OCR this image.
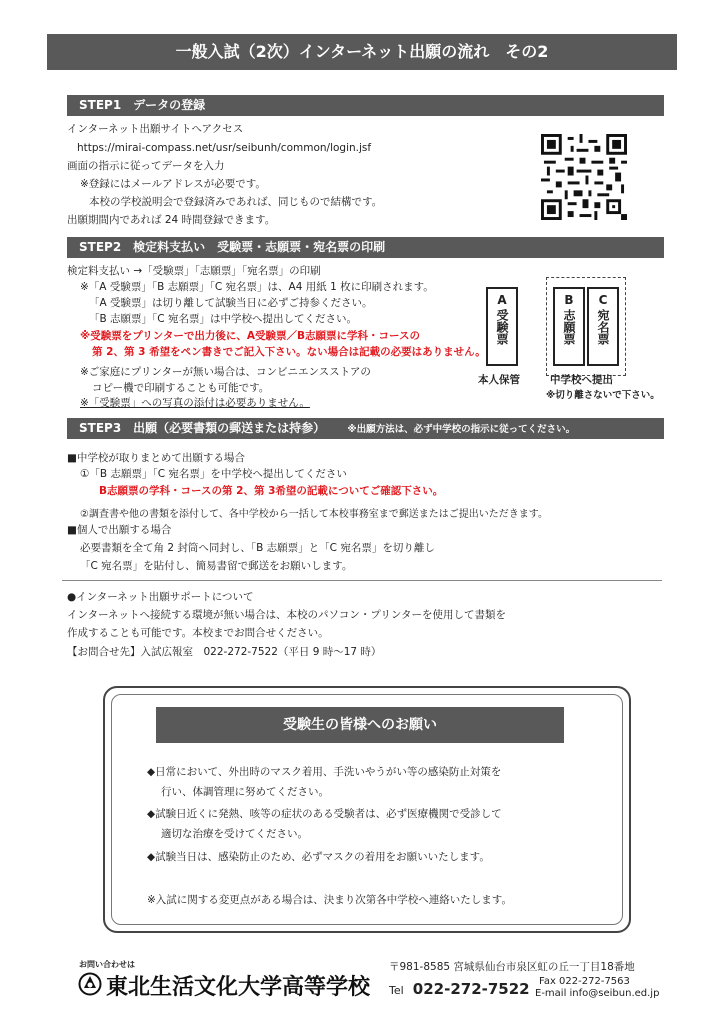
一般入試（2次）インターネット出願の流れ　その2
STEP1　データの登録
インターネット出願サイトへアクセス
https://mirai-compass.net/usr/seibunh/common/login.jsf
画面の指示に従ってデータを入力
※登録にはメールアドレスが必要です。
本校の学校説明会で登録済みであれば、同じもので結構です。
出願期間内であれば 24 時間登録できます。
STEP2　検定料支払い　受験票・志願票・宛名票の印刷
検定料支払い →「受験票」「志願票」「宛名票」の印刷
※「A 受験票」「B 志願票」「C 宛名票」は、A4 用紙 1 枚に印刷されます。
「A 受験票」は切り離して試験当日に必ずご持参ください。
「B 志願票」「C 宛名票」は中学校へ提出してください。
※受験票をプリンターで出力後に、A受験票／B志願票に学科・コースの
第 2、第 3 希望をペン書きでご記入下さい。ない場合は記載の必要はありません。
※ご家庭にプリンターが無い場合は、コンビニエンスストアの
コピー機で印刷することも可能です。
※「受験票」への写真の添付は必要ありません。
A
受験票
本人保管
B
志願票
C
宛名票
中学校へ提出
※切り離さないで下さい。
STEP3　出願（必要書類の郵送または持参） ※出願方法は、必ず中学校の指示に従ってください。
■中学校が取りまとめて出願する場合
①「B 志願票」「C 宛名票」を中学校へ提出してください
B志願票の学科・コースの第 2、第 3希望の記載についてご確認下さい。
②調査書や他の書類を添付して、各中学校から一括して本校事務室まで郵送またはご提出いただきます。
■個人で出願する場合
必要書類を全て角 2 封筒へ同封し、「B 志願票」と「C 宛名票」を切り離し
「C 宛名票」を貼付し、簡易書留で郵送をお願いします。
●インターネット出願サポートについて
インターネットへ接続する環境が無い場合は、本校のパソコン・プリンターを使用して書類を
作成することも可能です。本校までお問合せください。
【お問合せ先】入試広報室　022-272-7522（平日 9 時〜17 時）
受験生の皆様へのお願い
◆日常において、外出時のマスク着用、手洗いやうがい等の感染防止対策を
行い、体調管理に努めてください。
◆試験日近くに発熱、咳等の症状のある受験者は、必ず医療機関で受診して
適切な治療を受けてください。
◆試験当日は、感染防止のため、必ずマスクの着用をお願いいたします。
※入試に関する変更点がある場合は、決まり次第各中学校へ連絡いたします。
お問い合わせは
東北生活文化大学高等学校
〒981-8585 宮城県仙台市泉区虹の丘一丁目18番地
Tel 022-272-7522 Fax 022-272-7563
E-mail info@seibun.ed.jp
